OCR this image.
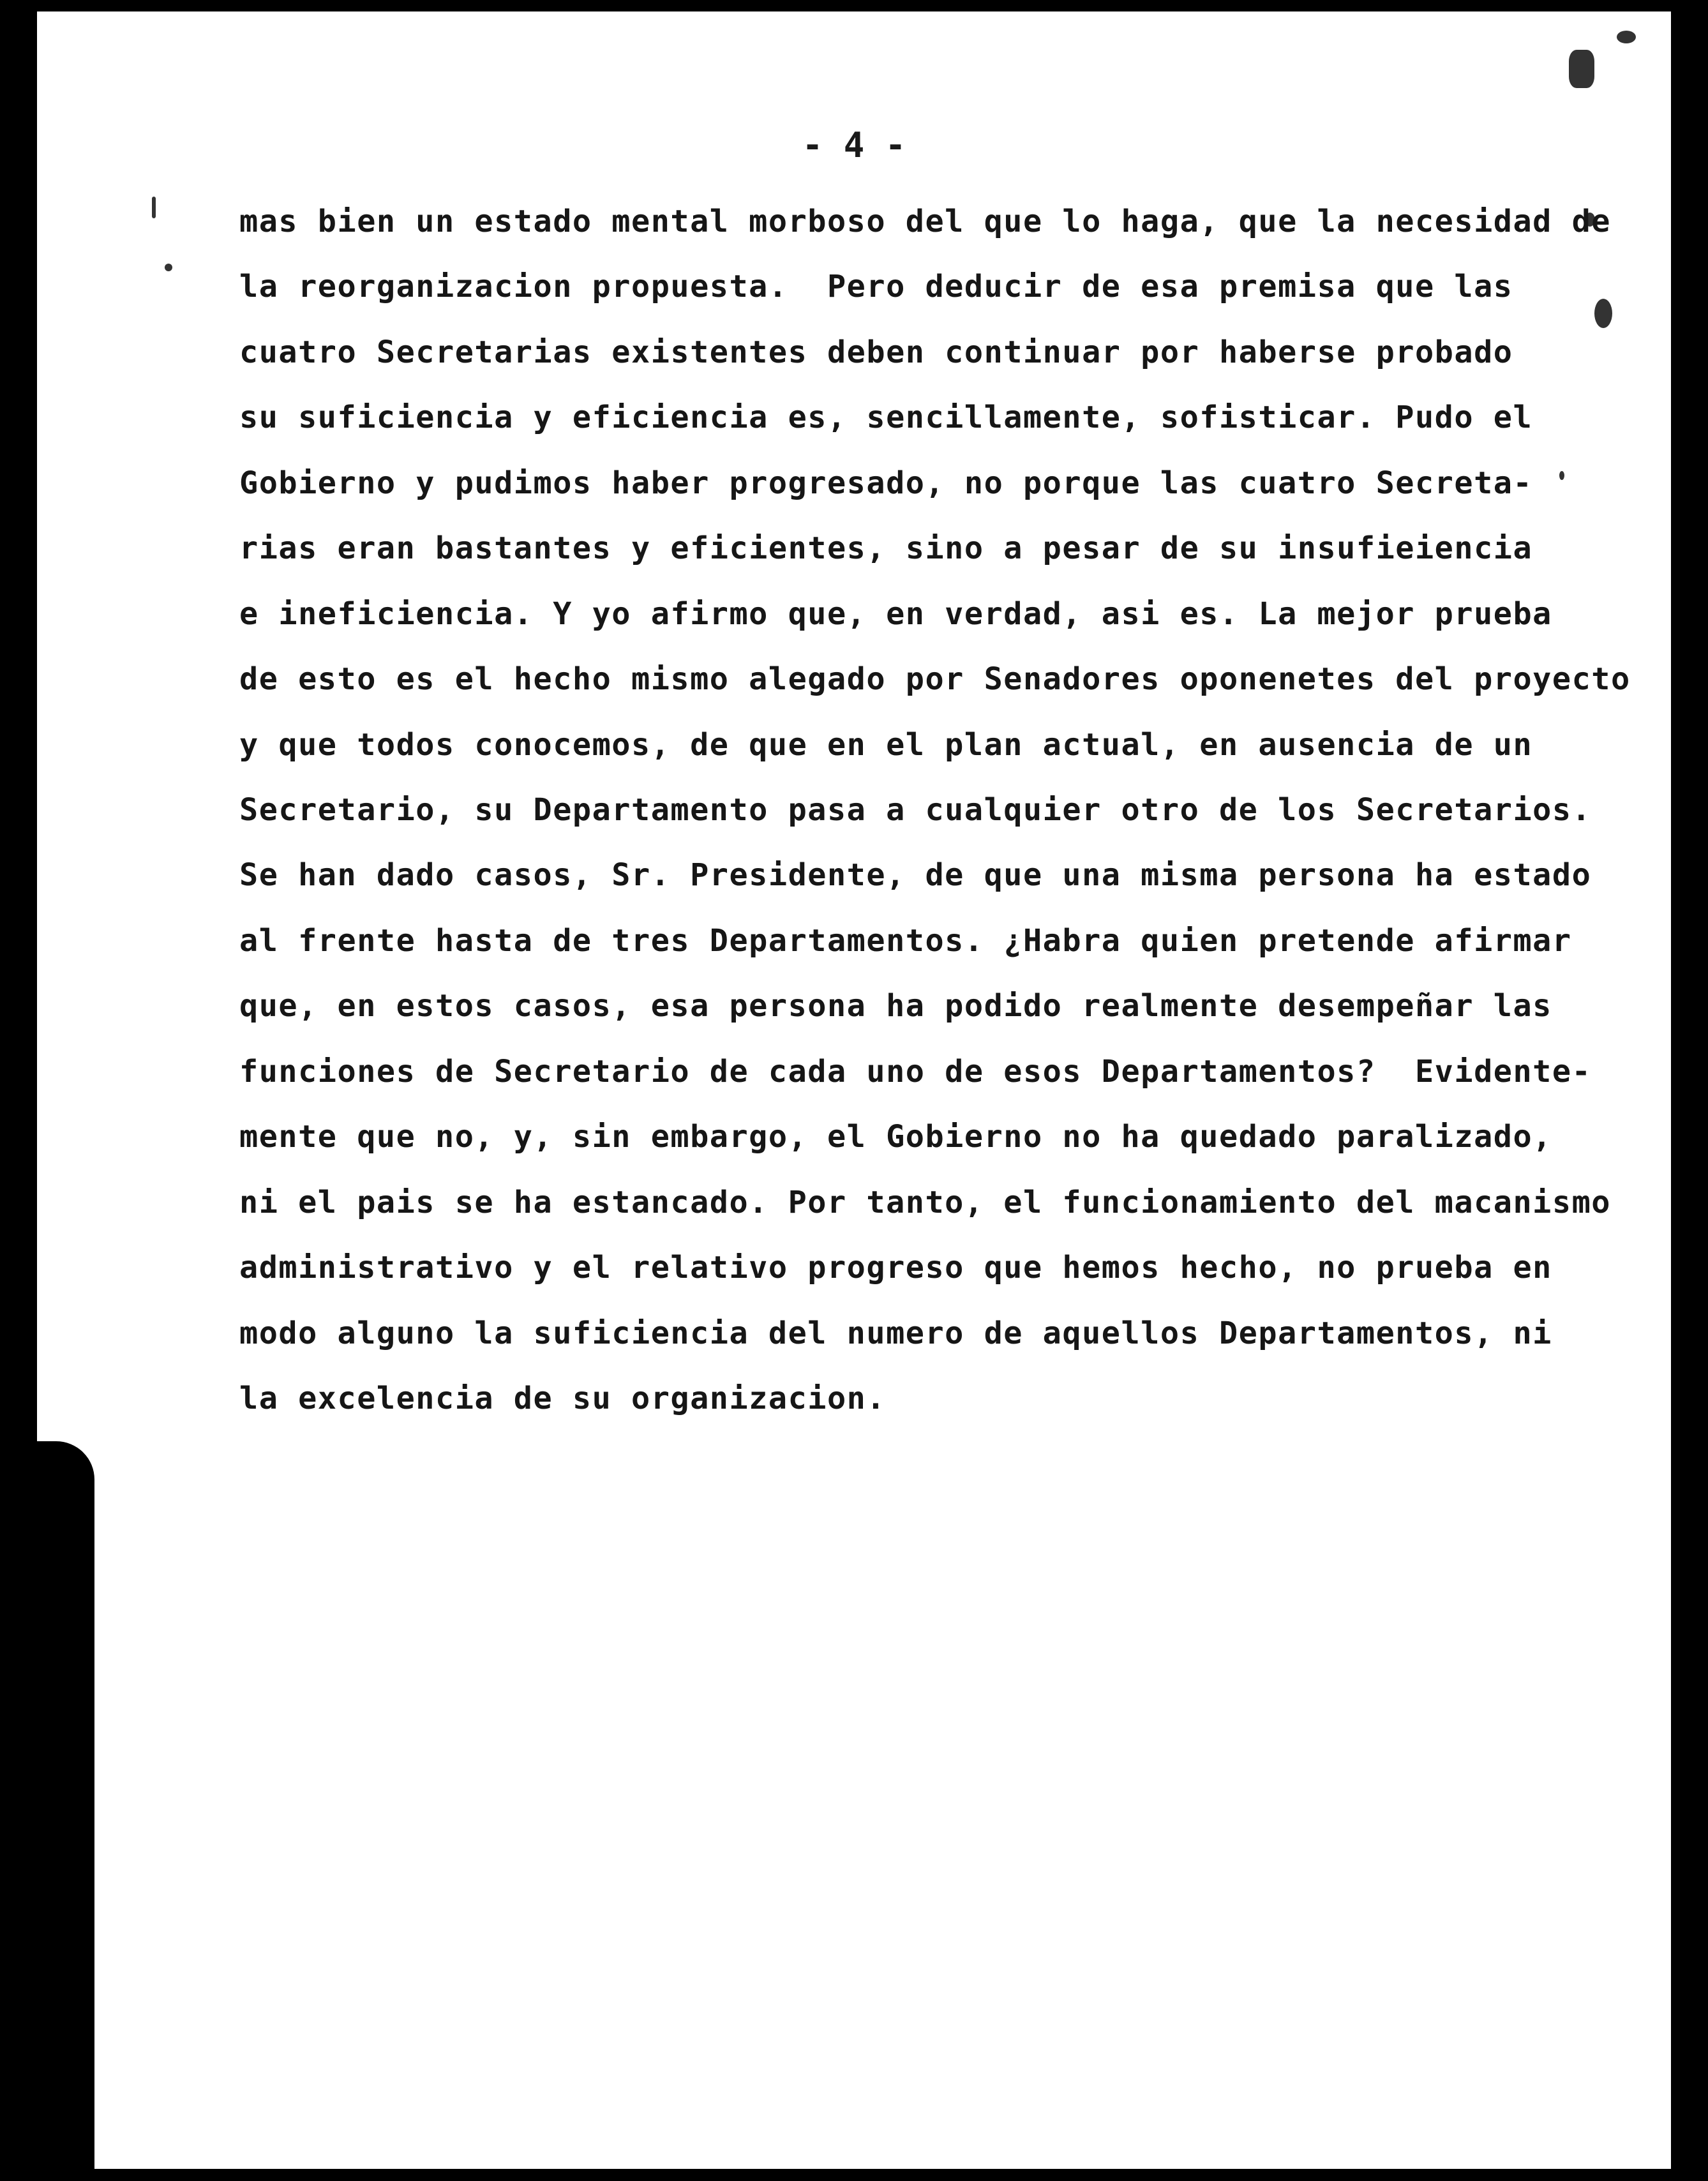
- 4 -
mas bien un estado mental morboso del que lo haga, que la necesidad de
la reorganizacion propuesta.  Pero deducir de esa premisa que las
cuatro Secretarias existentes deben continuar por haberse probado
su suficiencia y eficiencia es, sencillamente, sofisticar. Pudo el
Gobierno y pudimos haber progresado, no porque las cuatro Secreta-
rias eran bastantes y eficientes, sino a pesar de su insufieiencia
e ineficiencia. Y yo afirmo que, en verdad, asi es. La mejor prueba
de esto es el hecho mismo alegado por Senadores oponenetes del proyecto
y que todos conocemos, de que en el plan actual, en ausencia de un
Secretario, su Departamento pasa a cualquier otro de los Secretarios.
Se han dado casos, Sr. Presidente, de que una misma persona ha estado
al frente hasta de tres Departamentos. ¿Habra quien pretende afirmar
que, en estos casos, esa persona ha podido realmente desempeñar las
funciones de Secretario de cada uno de esos Departamentos?  Evidente-
mente que no, y, sin embargo, el Gobierno no ha quedado paralizado,
ni el pais se ha estancado. Por tanto, el funcionamiento del macanismo
administrativo y el relativo progreso que hemos hecho, no prueba en
modo alguno la suficiencia del numero de aquellos Departamentos, ni
la excelencia de su organizacion.
